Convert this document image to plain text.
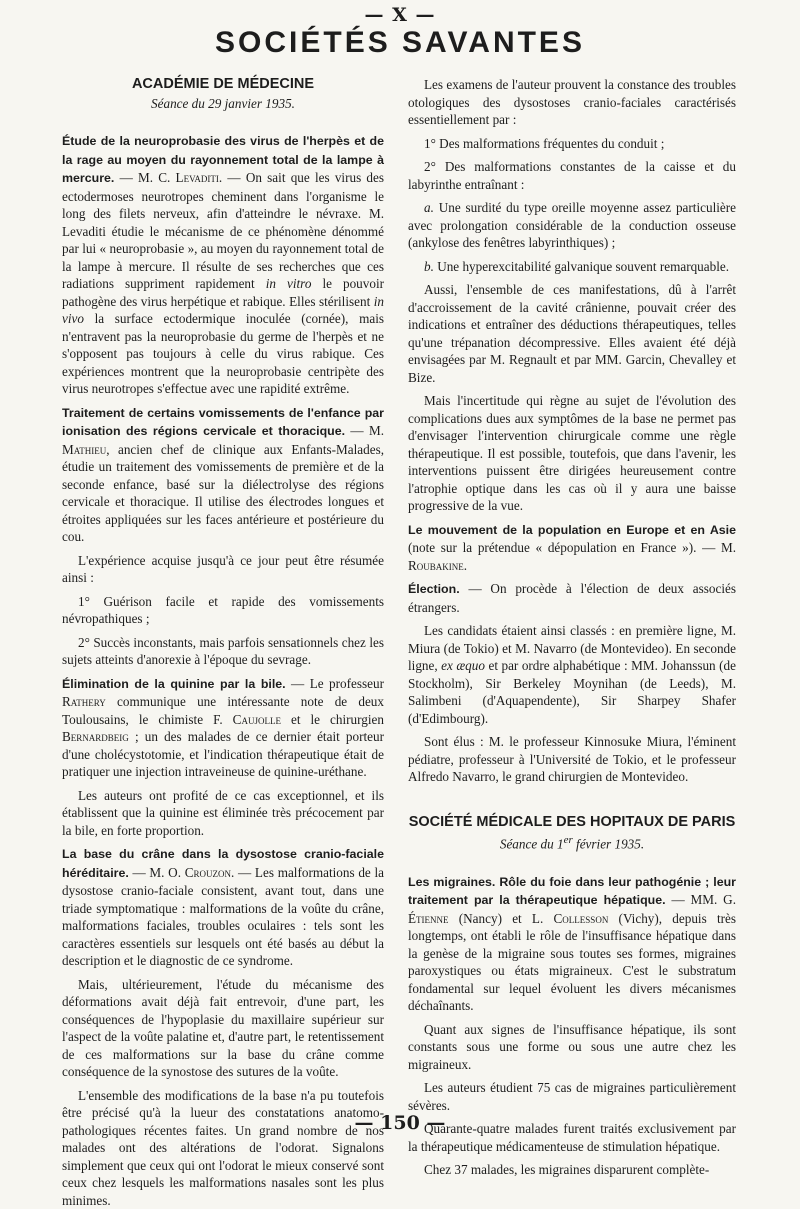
— X —
SOCIÉTÉS SAVANTES
ACADÉMIE DE MÉDECINE
Séance du 29 janvier 1935.

Étude de la neuroprobasie des virus de l'herpès et de la rage au moyen du rayonnement total de la lampe à mercure. — M. C. Levaditi. — On sait que les virus des ectodermoses neurotropes cheminent dans l'organisme le long des filets nerveux, afin d'atteindre le névraxe. M. Levaditi étudie le mécanisme de ce phénomène dénommé par lui « neuroprobasie », au moyen du rayonnement total de la lampe à mercure. Il résulte de ses recherches que ces radiations suppriment rapidement in vitro le pouvoir pathogène des virus herpétique et rabique. Elles stérilisent in vivo la surface ectodermique inoculée (cornée), mais n'entravent pas la neuroprobasie du germe de l'herpès et ne s'opposent pas toujours à celle du virus rabique. Ces expériences montrent que la neuroprobasie centripète des virus neurotropes s'effectue avec une rapidité extrême.

Traitement de certains vomissements de l'enfance par ionisation des régions cervicale et thoracique. — M. Mathieu, ancien chef de clinique aux Enfants-Malades, étudie un traitement des vomissements de première et de la seconde enfance, basé sur la diélectrolyse des régions cervicale et thoracique. Il utilise des électrodes longues et étroites appliquées sur les faces antérieure et postérieure du cou.

L'expérience acquise jusqu'à ce jour peut être résumée ainsi :

1° Guérison facile et rapide des vomissements névropathiques ;

2° Succès inconstants, mais parfois sensationnels chez les sujets atteints d'anorexie à l'époque du sevrage.

Élimination de la quinine par la bile. — Le professeur Rathery communique une intéressante note de deux Toulousains, le chimiste F. Caujolle et le chirurgien Bernardbeig ; un des malades de ce dernier était porteur d'une cholécystotomie, et l'indication thérapeutique était de pratiquer une injection intraveineuse de quinine-uréthane.

Les auteurs ont profité de ce cas exceptionnel, et ils établissent que la quinine est éliminée très précocement par la bile, en forte proportion.

La base du crâne dans la dysostose cranio-faciale héréditaire. — M. O. Crouzon. — Les malformations de la dysostose cranio-faciale consistent, avant tout, dans une triade symptomatique : malformations de la voûte du crâne, malformations faciales, troubles oculaires : tels sont les caractères essentiels sur lesquels ont été basés au début la description et le diagnostic de ce syndrome.

Mais, ultérieurement, l'étude du mécanisme des déformations avait déjà fait entrevoir, d'une part, les conséquences de l'hypoplasie du maxillaire supérieur sur l'aspect de la voûte palatine et, d'autre part, le retentissement de ces malformations sur la base du crâne comme conséquence de la synostose des sutures de la voûte.

L'ensemble des modifications de la base n'a pu toutefois être précisé qu'à la lueur des constatations anatomo-pathologiques récentes faites. Un grand nombre de nos malades ont des altérations de l'odorat. Signalons simplement que ceux qui ont l'odorat le mieux conservé sont ceux chez lesquels les malformations nasales sont les plus minimes.

Les examens de l'auteur prouvent la constance des troubles otologiques des dysostoses cranio-faciales caractérisés essentiellement par :

1° Des malformations fréquentes du conduit ;

2° Des malformations constantes de la caisse et du labyrinthe entraînant :

a. Une surdité du type oreille moyenne assez particulière avec prolongation considérable de la conduction osseuse (ankylose des fenêtres labyrinthiques) ;

b. Une hyperexcitabilité galvanique souvent remarquable.

Aussi, l'ensemble de ces manifestations, dû à l'arrêt d'accroissement de la cavité crânienne, pouvait créer des indications et entraîner des déductions thérapeutiques, telles qu'une trépanation décompressive. Elles avaient été déjà envisagées par M. Regnault et par MM. Garcin, Chevalley et Bize.

Mais l'incertitude qui règne au sujet de l'évolution des complications dues aux symptômes de la base ne permet pas d'envisager l'intervention chirurgicale comme une règle thérapeutique. Il est possible, toutefois, que dans l'avenir, les interventions puissent être dirigées heureusement contre l'atrophie optique dans les cas où il y aura une baisse progressive de la vue.

Le mouvement de la population en Europe et en Asie (note sur la prétendue « dépopulation en France »). — M. Roubakine.

Élection. — On procède à l'élection de deux associés étrangers.

Les candidats étaient ainsi classés : en première ligne, M. Miura (de Tokio) et M. Navarro (de Montevideo). En seconde ligne, ex æquo et par ordre alphabétique : MM. Johanssun (de Stockholm), Sir Berkeley Moynihan (de Leeds), M. Salimbeni (d'Aquapendente), Sir Sharpey Shafer (d'Edimbourg).

Sont élus : M. le professeur Kinnosuke Miura, l'éminent pédiatre, professeur à l'Université de Tokio, et le professeur Alfredo Navarro, le grand chirurgien de Montevideo.

SOCIÉTÉ MÉDICALE DES HOPITAUX DE PARIS
Séance du 1er février 1935.

Les migraines. Rôle du foie dans leur pathogénie ; leur traitement par la thérapeutique hépatique. — MM. G. Étienne (Nancy) et L. Collesson (Vichy), depuis très longtemps, ont établi le rôle de l'insuffisance hépatique dans la genèse de la migraine sous toutes ses formes, migraines paroxystiques ou états migraineux. C'est le substratum fondamental sur lequel évoluent les divers mécanismes déchaînants.

Quant aux signes de l'insuffisance hépatique, ils sont constants sous une forme ou sous une autre chez les migraineux.

Les auteurs étudient 75 cas de migraines particulièrement sévères.

Quarante-quatre malades furent traités exclusivement par la thérapeutique médicamenteuse de stimulation hépatique.

Chez 37 malades, les migraines disparurent complète-

— 150 —
